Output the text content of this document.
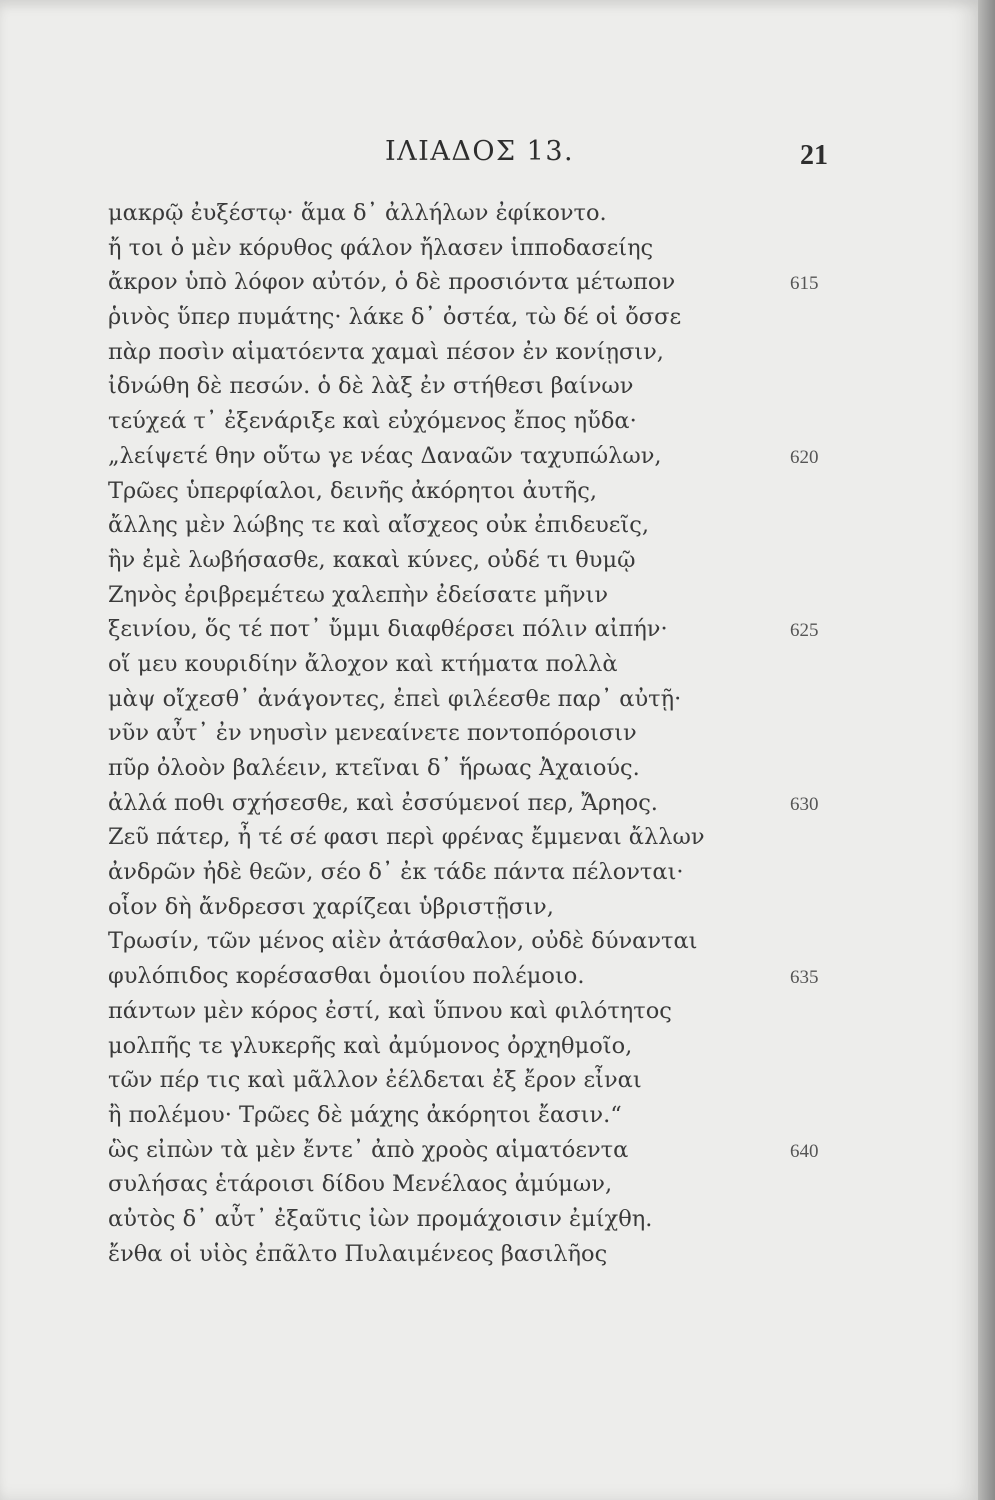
ΙΛΙΑΔΟΣ 13.	21
μακρῷ ἐυξέστῳ· ἅμα δ᾽ ἀλλήλων ἐφίκοντο.
ἤ τοι ὁ μὲν κόρυθος φάλον ἤλασεν ἱπποδασείης
ἄκρον ὑπὸ λόφον αὐτόν, ὁ δὲ προσιόντα μέτωπον	615
ῥινὸς ὕπερ πυμάτης· λάκε δ᾽ ὀστέα, τὼ δέ οἱ ὄσσε
πὰρ ποσὶν αἱματόεντα χαμαὶ πέσον ἐν κονίῃσιν,
ἰδνώθη δὲ πεσών. ὁ δὲ λὰξ ἐν στήθεσι βαίνων
τεύχεά τ᾽ ἐξενάριξε καὶ εὐχόμενος ἔπος ηὔδα·
„λείψετέ θην οὕτω γε νέας Δαναῶν ταχυπώλων,	620
Τρῶες ὑπερφίαλοι, δεινῆς ἀκόρητοι ἀυτῆς,
ἄλλης μὲν λώβης τε καὶ αἴσχεος οὐκ ἐπιδευεῖς,
ἣν ἐμὲ λωβήσασθε, κακαὶ κύνες, οὐδέ τι θυμῷ
Ζηνὸς ἐριβρεμέτεω χαλεπὴν ἐδείσατε μῆνιν
ξεινίου, ὅς τέ ποτ᾽ ὔμμι διαφθέρσει πόλιν αἰπήν·	625
οἵ μευ κουριδίην ἄλοχον καὶ κτήματα πολλὰ
μὰψ οἴχεσθ᾽ ἀνάγοντες, ἐπεὶ φιλέεσθε παρ᾽ αὐτῇ·
νῦν αὖτ᾽ ἐν νηυσὶν μενεαίνετε ποντοπόροισιν
πῦρ ὀλοὸν βαλέειν, κτεῖναι δ᾽ ἥρωας Ἀχαιούς.
ἀλλά ποθι σχήσεσθε, καὶ ἐσσύμενοί περ, Ἄρηος.	630
Ζεῦ πάτερ, ἦ τέ σέ φασι περὶ φρένας ἔμμεναι ἄλλων
ἀνδρῶν ἠδὲ θεῶν, σέο δ᾽ ἐκ τάδε πάντα πέλονται·
οἷον δὴ ἄνδρεσσι χαρίζεαι ὑβριστῇσιν,
Τρωσίν, τῶν μένος αἰὲν ἀτάσθαλον, οὐδὲ δύνανται
φυλόπιδος κορέσασθαι ὁμοιίου πολέμοιο.	635
πάντων μὲν κόρος ἐστί, καὶ ὕπνου καὶ φιλότητος
μολπῆς τε γλυκερῆς καὶ ἀμύμονος ὀρχηθμοῖο,
τῶν πέρ τις καὶ μᾶλλον ἐέλδεται ἐξ ἔρον εἶναι
ἢ πολέμου· Τρῶες δὲ μάχης ἀκόρητοι ἔασιν.“
ὣς εἰπὼν τὰ μὲν ἔντε᾽ ἀπὸ χροὸς αἱματόεντα	640
συλήσας ἑτάροισι δίδου Μενέλαος ἀμύμων,
αὐτὸς δ᾽ αὖτ᾽ ἐξαῦτις ἰὼν προμάχοισιν ἐμίχθη.
ἔνθα οἱ υἱὸς ἐπᾶλτο Πυλαιμένεος βασιλῆος
